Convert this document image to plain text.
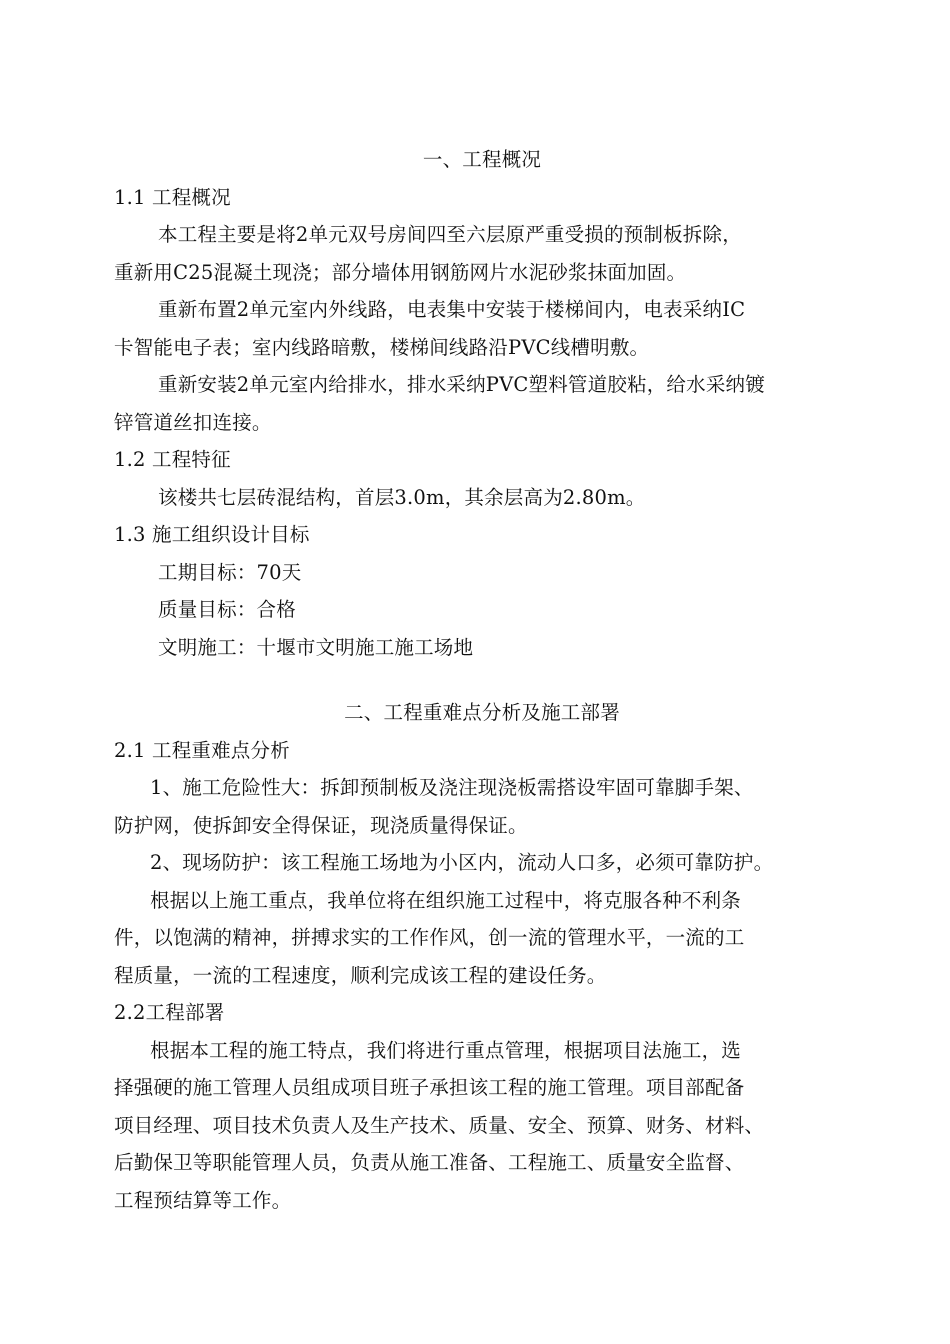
一、工程概况
1.1 工程概况
本工程主要是将2单元双号房间四至六层原严重受损的预制板拆除，
重新用C25混凝土现浇；部分墙体用钢筋网片水泥砂浆抹面加固。
重新布置2单元室内外线路，电表集中安装于楼梯间内，电表采纳IC
卡智能电子表；室内线路暗敷，楼梯间线路沿PVC线槽明敷。
重新安装2单元室内给排水，排水采纳PVC塑料管道胶粘，给水采纳镀
锌管道丝扣连接。
1.2 工程特征
该楼共七层砖混结构，首层3.0m，其余层高为2.80m。
1.3 施工组织设计目标
工期目标：70天
质量目标：合格
文明施工：十堰市文明施工施工场地
二、工程重难点分析及施工部署
2.1 工程重难点分析
1、施工危险性大：拆卸预制板及浇注现浇板需搭设牢固可靠脚手架、
防护网，使拆卸安全得保证，现浇质量得保证。
2、现场防护：该工程施工场地为小区内，流动人口多，必须可靠防护。
根据以上施工重点，我单位将在组织施工过程中，将克服各种不利条
件，以饱满的精神，拼搏求实的工作作风，创一流的管理水平，一流的工
程质量，一流的工程速度，顺利完成该工程的建设任务。
2.2工程部署
根据本工程的施工特点，我们将进行重点管理，根据项目法施工，选
择强硬的施工管理人员组成项目班子承担该工程的施工管理。项目部配备
项目经理、项目技术负责人及生产技术、质量、安全、预算、财务、材料、
后勤保卫等职能管理人员，负责从施工准备、工程施工、质量安全监督、
工程预结算等工作。
